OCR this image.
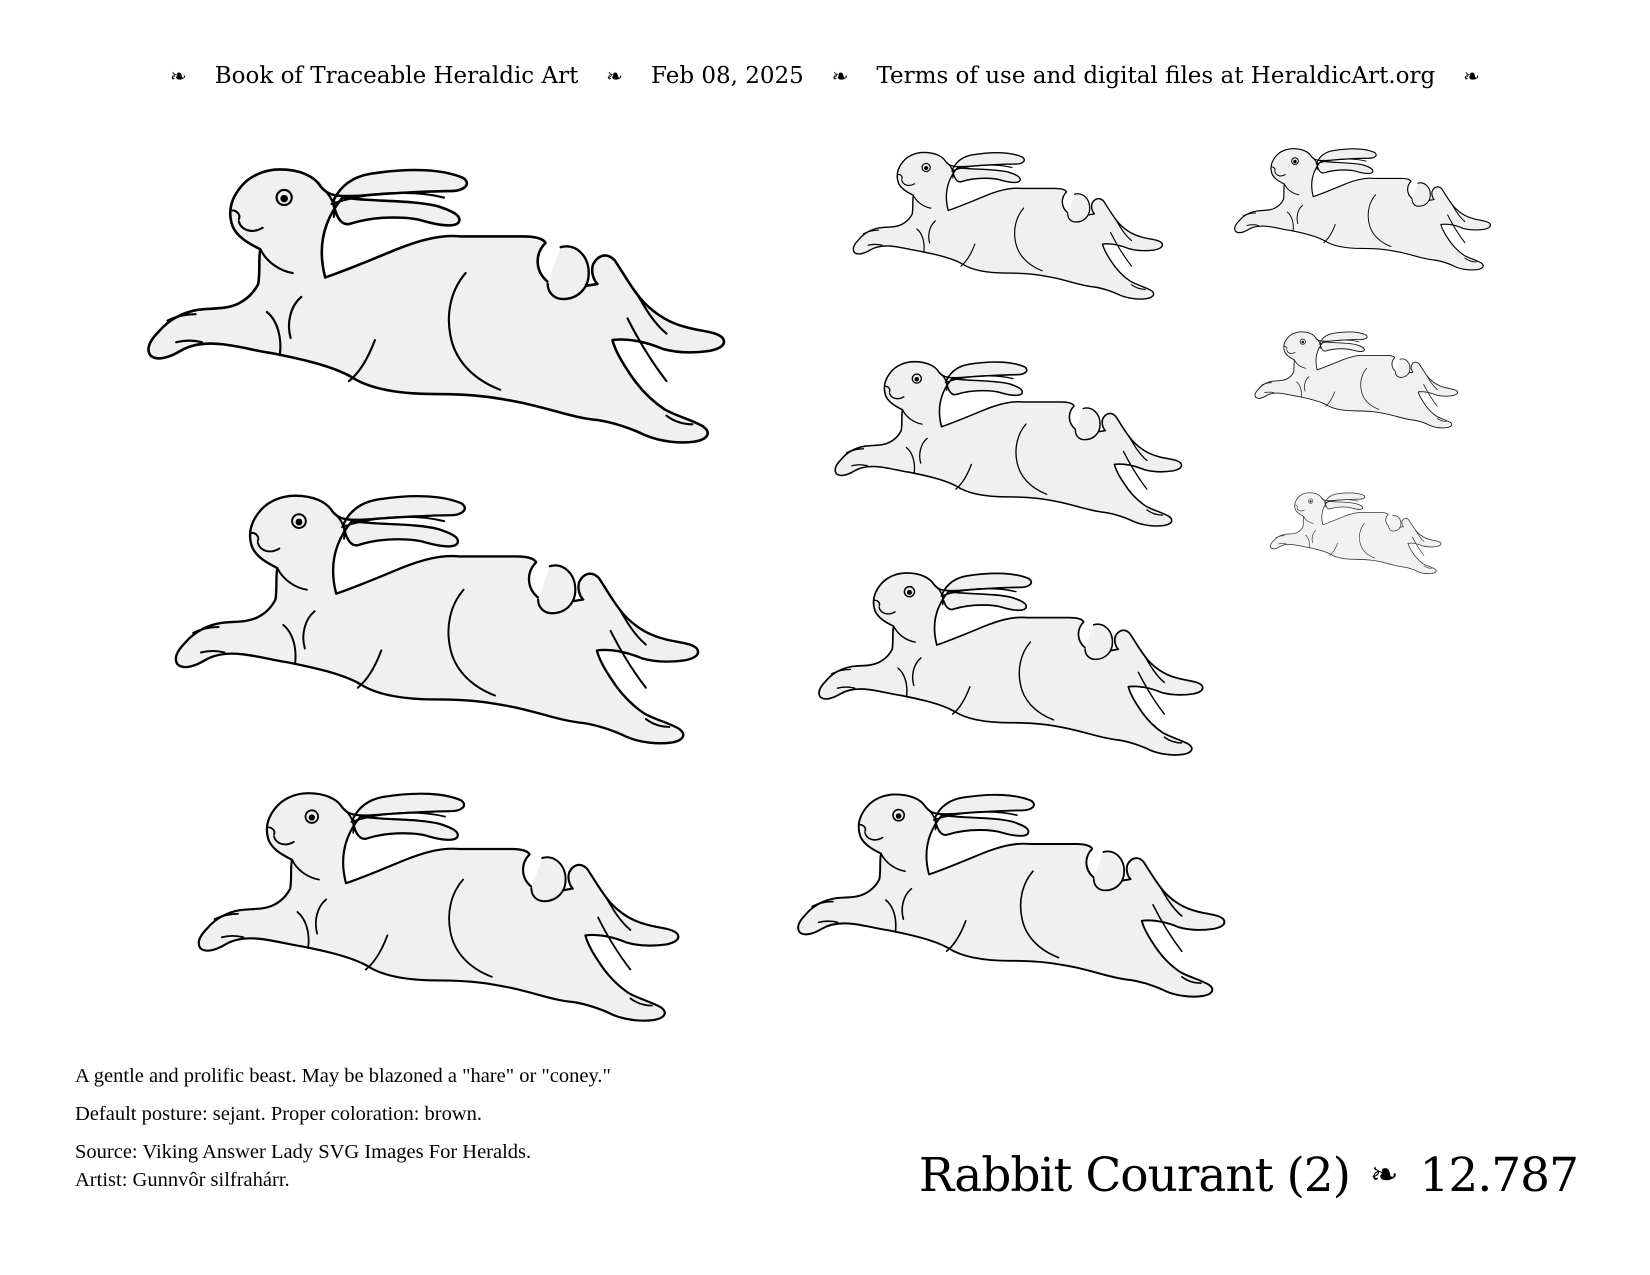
❧ Book of Traceable Heraldic Art ❧ Feb 08, 2025 ❧ Terms of use and digital files at HeraldicArt.org ❧

A gentle and prolific beast. May be blazoned a "hare" or "coney."

Default posture: sejant. Proper coloration: brown.

Source: Viking Answer Lady SVG Images For Heralds.

Artist: Gunnvôr silfrahárr.	Rabbit Courant (2) ❧ 12.787
